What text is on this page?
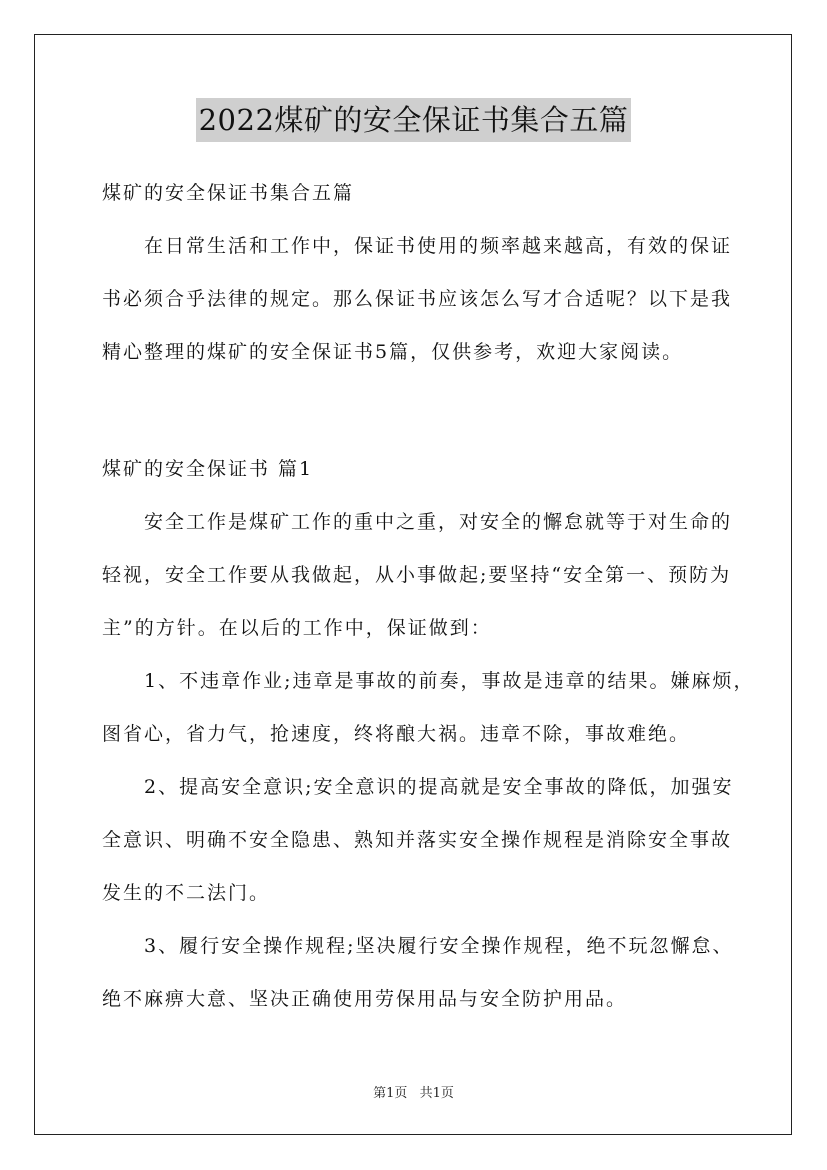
2022煤矿的安全保证书集合五篇
煤矿的安全保证书集合五篇
在日常生活和工作中，保证书使用的频率越来越高，有效的保证
书必须合乎法律的规定。那么保证书应该怎么写才合适呢？以下是我
精心整理的煤矿的安全保证书5篇，仅供参考，欢迎大家阅读。
煤矿的安全保证书 篇1
安全工作是煤矿工作的重中之重，对安全的懈怠就等于对生命的
轻视，安全工作要从我做起，从小事做起;要坚持“安全第一、预防为
主”的方针。在以后的工作中，保证做到：
1、不违章作业;违章是事故的前奏，事故是违章的结果。嫌麻烦，
图省心，省力气，抢速度，终将酿大祸。违章不除，事故难绝。
2、提高安全意识;安全意识的提高就是安全事故的降低，加强安
全意识、明确不安全隐患、熟知并落实安全操作规程是消除安全事故
发生的不二法门。
3、履行安全操作规程;坚决履行安全操作规程，绝不玩忽懈怠、
绝不麻痹大意、坚决正确使用劳保用品与安全防护用品。
第1页 共1页
